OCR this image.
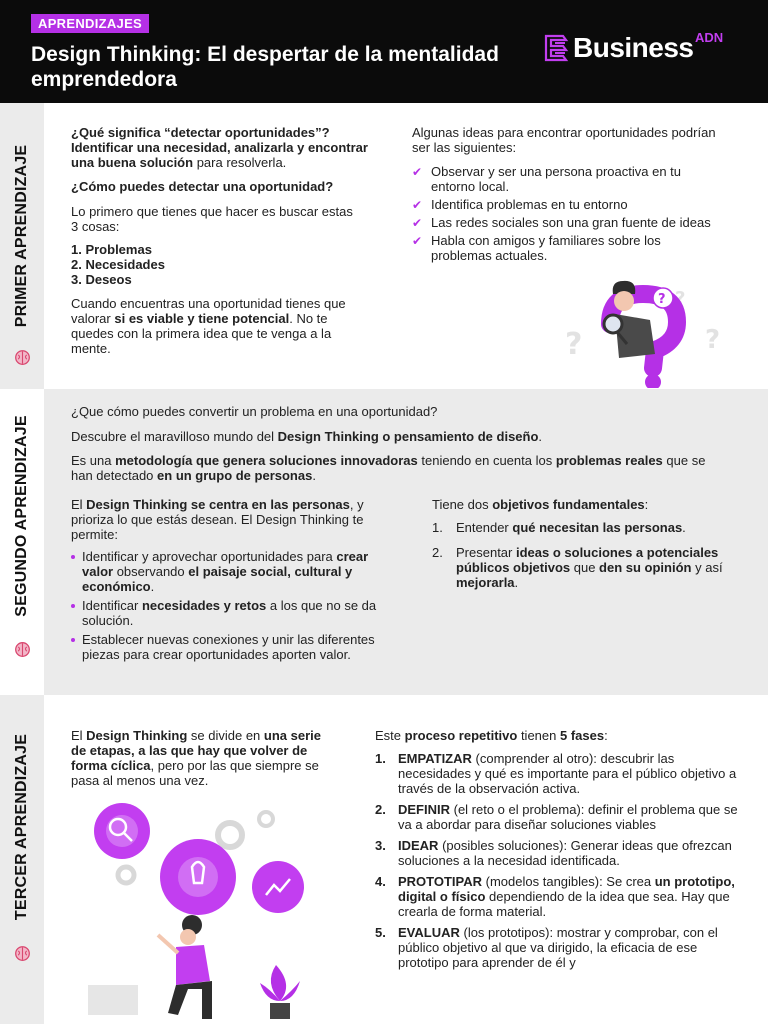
APRENDIZAJES
Design Thinking: El despertar de la mentalidad emprendedora
Business ADN
PRIMER APRENDIZAJE
¿Qué significa “detectar oportunidades”? Identificar una necesidad, analizarla y encontrar una buena solución para resolverla.
¿Cómo puedes detectar una oportunidad?
Lo primero que tienes que hacer es buscar estas 3 cosas:
1. Problemas
2. Necesidades
3. Deseos
Cuando encuentras una oportunidad tienes que valorar si es viable y tiene potencial. No te quedes con la primera idea que te venga a la mente.
Algunas ideas para encontrar oportunidades podrían ser las siguientes:
✔ Observar y ser una persona proactiva en tu entorno local.
✔ Identifica problemas en tu entorno
✔ Las redes sociales son una gran fuente de ideas
✔ Habla con amigos y familiares sobre los problemas actuales.
?	?
?
?
SEGUNDO APRENDIZAJE
¿Que cómo puedes convertir un problema en una oportunidad?
Descubre el maravilloso mundo del Design Thinking o pensamiento de diseño.
Es una metodología que genera soluciones innovadoras teniendo en cuenta los problemas reales que se han detectado en un grupo de personas.
El Design Thinking se centra en las personas, y prioriza lo que estás desean. El Design Thinking te permite:
Identificar y aprovechar oportunidades para crear valor observando el paisaje social, cultural y económico.
Identificar necesidades y retos a los que no se da solución.
Establecer nuevas conexiones y unir las diferentes piezas para crear oportunidades aporten valor.
Tiene dos objetivos fundamentales:
1. Entender qué necesitan las personas.
2. Presentar ideas o soluciones a potenciales públicos objetivos que den su opinión y así mejorarla.
TERCER APRENDIZAJE	El Design Thinking se divide en una serie de etapas, a las que hay que volver de forma cíclica, pero por las que siempre se pasa al menos una vez.
Este proceso repetitivo tienen 5 fases:
1. EMPATIZAR (comprender al otro): descubrir las necesidades y qué es importante para el público objetivo a través de la observación activa.
2. DEFINIR (el reto o el problema): definir el problema que se va a abordar para diseñar soluciones viables
3. IDEAR (posibles soluciones): Generar ideas que ofrezcan soluciones a la necesidad identificada.
4. PROTOTIPAR (modelos tangibles): Se crea un prototipo, digital o físico dependiendo de la idea que sea. Hay que crearla de forma material.
5. EVALUAR (los prototipos): mostrar y comprobar, con el público objetivo al que va dirigido, la eficacia de ese prototipo para aprender de él y
